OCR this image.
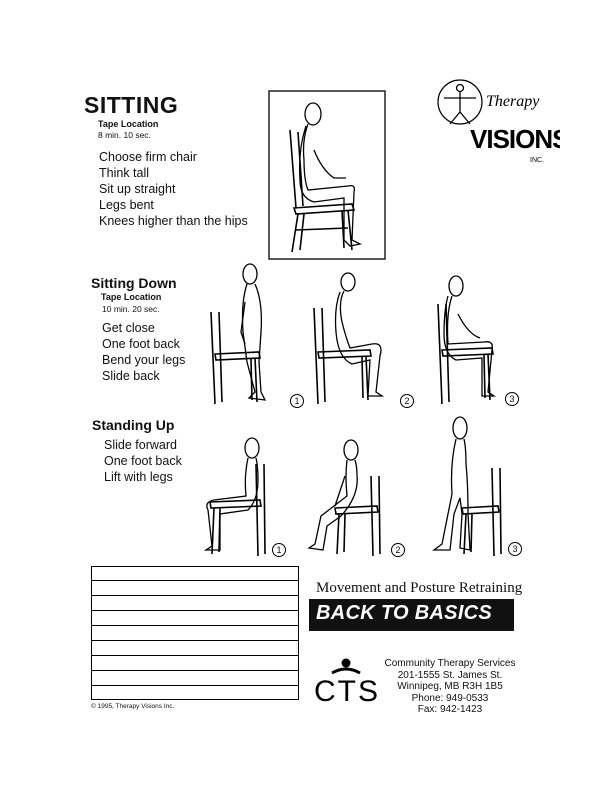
SITTING
Tape Location
8 min. 10 sec.
Choose firm chair
Think tall
Sit up straight
Legs bent
Knees higher than the hips
Therapy
VISIONS
INC.
Sitting Down
Tape Location
10 min. 20 sec.
Get close
One foot back
Bend your legs
Slide back
1	2	3
Standing Up
Slide forward
One foot back
Lift with legs
1	2	3
© 1995, Therapy Visions Inc.
Movement and Posture Retraining
BACK TO BASICS
CTS
Community Therapy Services
201-1555 St. James St.
Winnipeg, MB R3H 1B5
Phone: 949-0533
Fax: 942-1423
